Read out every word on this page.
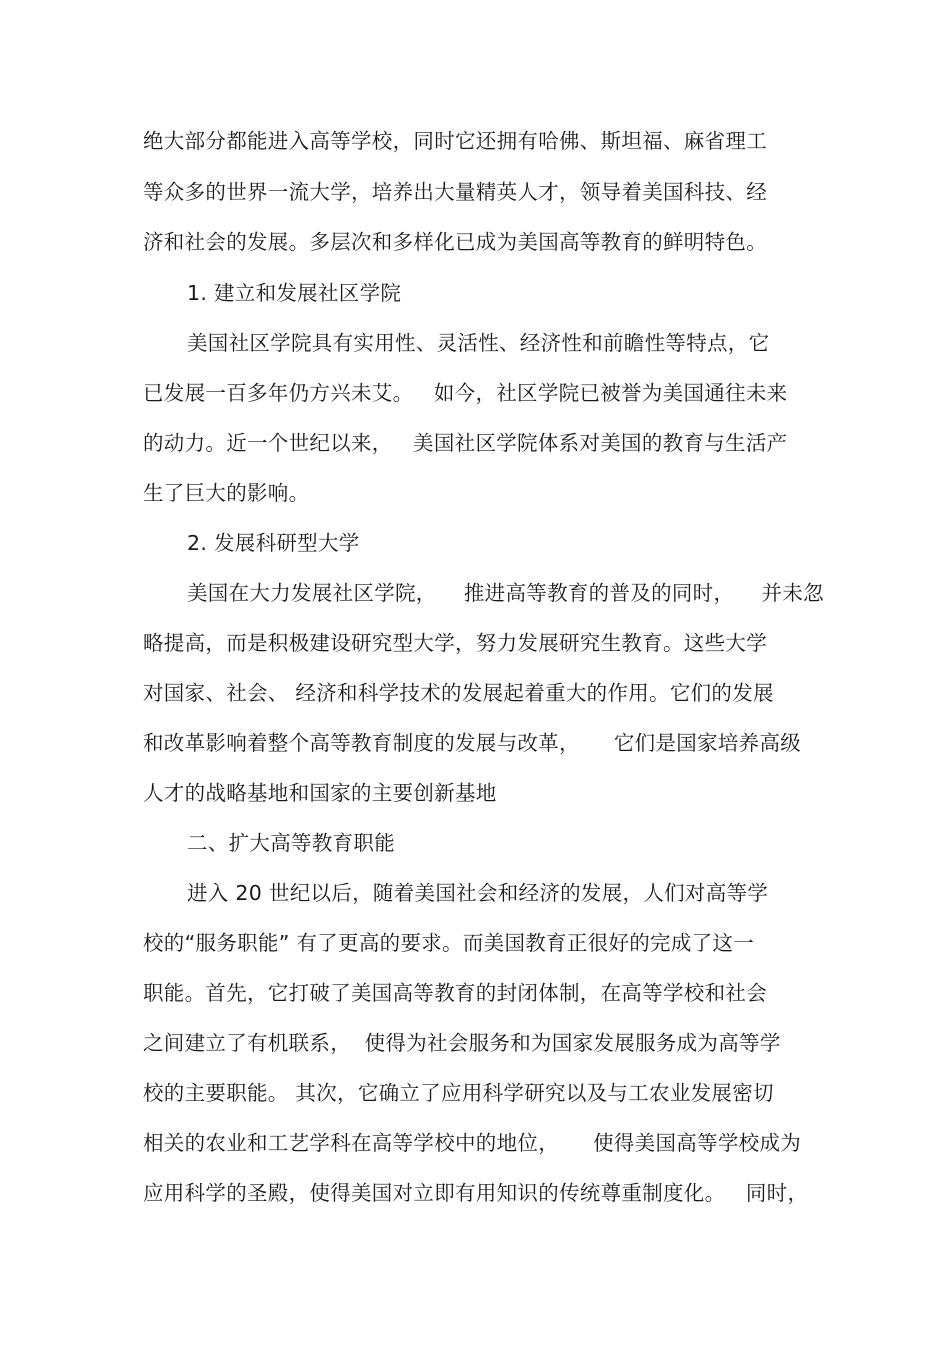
绝大部分都能进入高等学校，同时它还拥有哈佛、斯坦福、麻省理工
等众多的世界一流大学，培养出大量精英人才，领导着美国科技、经
济和社会的发展。多层次和多样化已成为美国高等教育的鲜明特色。
1. 建立和发展社区学院
美国社区学院具有实用性、灵活性、经济性和前瞻性等特点，它
已发展一百多年仍方兴未艾。   如今，社区学院已被誉为美国通往未来
的动力。近一个世纪以来，   美国社区学院体系对美国的教育与生活产
生了巨大的影响。
2. 发展科研型大学
美国在大力发展社区学院，    推进高等教育的普及的同时，    并未忽
略提高，而是积极建设研究型大学，努力发展研究生教育。这些大学
对国家、社会、 经济和科学技术的发展起着重大的作用。它们的发展
和改革影响着整个高等教育制度的发展与改革，     它们是国家培养高级
人才的战略基地和国家的主要创新基地
二、扩大高等教育职能
进入 20 世纪以后，随着美国社会和经济的发展，人们对高等学
校的“服务职能” 有了更高的要求。而美国教育正很好的完成了这一
职能。首先，它打破了美国高等教育的封闭体制，在高等学校和社会
之间建立了有机联系，  使得为社会服务和为国家发展服务成为高等学
校的主要职能。 其次，它确立了应用科学研究以及与工农业发展密切
相关的农业和工艺学科在高等学校中的地位，     使得美国高等学校成为
应用科学的圣殿，使得美国对立即有用知识的传统尊重制度化。   同时，
